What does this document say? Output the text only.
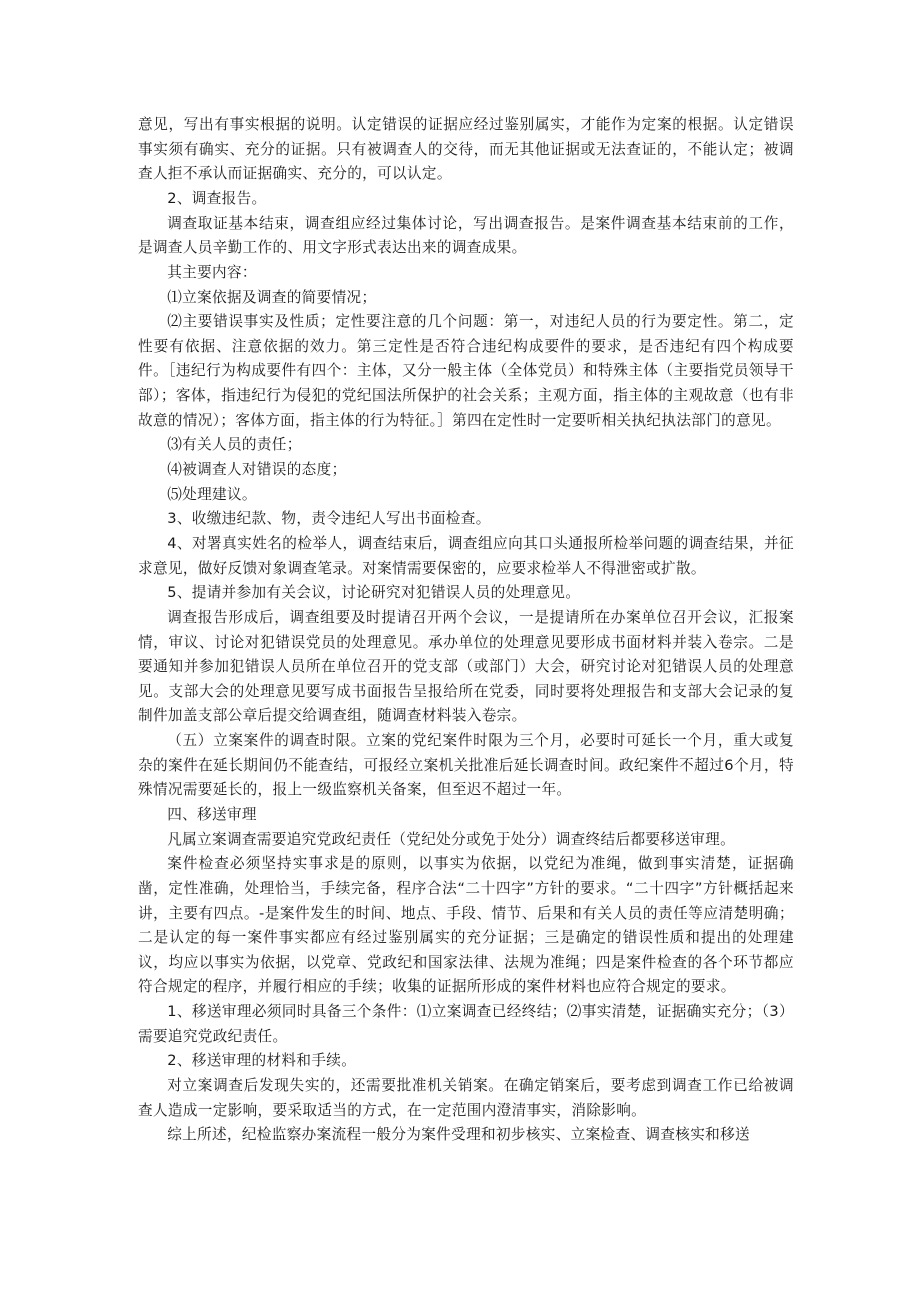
意见，写出有事实根据的说明。认定错误的证据应经过鉴别属实，才能作为定案的根据。认定错误事实须有确实、充分的证据。只有被调查人的交待，而无其他证据或无法查证的，不能认定；被调查人拒不承认而证据确实、充分的，可以认定。

2、调查报告。

调查取证基本结束，调查组应经过集体讨论，写出调查报告。是案件调查基本结束前的工作，是调查人员辛勤工作的、用文字形式表达出来的调查成果。

其主要内容：

⑴立案依据及调查的简要情况；

⑵主要错误事实及性质；定性要注意的几个问题：第一，对违纪人员的行为要定性。第二，定性要有依据、注意依据的效力。第三定性是否符合违纪构成要件的要求，是否违纪有四个构成要件。［违纪行为构成要件有四个：主体，又分一般主体（全体党员）和特殊主体（主要指党员领导干部）；客体，指违纪行为侵犯的党纪国法所保护的社会关系；主观方面，指主体的主观故意（也有非故意的情况）；客体方面，指主体的行为特征。］第四在定性时一定要听相关执纪执法部门的意见。

⑶有关人员的责任；

⑷被调查人对错误的态度；

⑸处理建议。

3、收缴违纪款、物，责令违纪人写出书面检查。

4、对署真实姓名的检举人，调查结束后，调查组应向其口头通报所检举问题的调查结果，并征求意见，做好反馈对象调查笔录。对案情需要保密的，应要求检举人不得泄密或扩散。

5、提请并参加有关会议，讨论研究对犯错误人员的处理意见。

调查报告形成后，调查组要及时提请召开两个会议，一是提请所在办案单位召开会议，汇报案情，审议、讨论对犯错误党员的处理意见。承办单位的处理意见要形成书面材料并装入卷宗。二是要通知并参加犯错误人员所在单位召开的党支部（或部门）大会，研究讨论对犯错误人员的处理意见。支部大会的处理意见要写成书面报告呈报给所在党委，同时要将处理报告和支部大会记录的复制件加盖支部公章后提交给调查组，随调查材料装入卷宗。

（五）立案案件的调查时限。立案的党纪案件时限为三个月，必要时可延长一个月，重大或复杂的案件在延长期间仍不能查结，可报经立案机关批准后延长调查时间。政纪案件不超过6个月，特殊情况需要延长的，报上一级监察机关备案，但至迟不超过一年。

四、移送审理

凡属立案调查需要追究党政纪责任（党纪处分或免于处分）调查终结后都要移送审理。

案件检查必须坚持实事求是的原则，以事实为依据，以党纪为准绳，做到事实清楚，证据确凿，定性准确，处理恰当，手续完备，程序合法“二十四字”方针的要求。“二十四字”方针概括起来讲，主要有四点。-是案件发生的时间、地点、手段、情节、后果和有关人员的责任等应清楚明确；二是认定的每一案件事实都应有经过鉴别属实的充分证据；三是确定的错误性质和提出的处理建议，均应以事实为依据，以党章、党政纪和国家法律、法规为准绳；四是案件检查的各个环节都应符合规定的程序，并履行相应的手续；收集的证据所形成的案件材料也应符合规定的要求。

1、移送审理必须同时具备三个条件：⑴立案调查已经终结；⑵事实清楚，证据确实充分；（3）需要追究党政纪责任。

2、移送审理的材料和手续。

对立案调查后发现失实的，还需要批准机关销案。在确定销案后，要考虑到调查工作已给被调查人造成一定影响，要采取适当的方式，在一定范围内澄清事实，消除影响。

综上所述，纪检监察办案流程一般分为案件受理和初步核实、立案检查、调查核实和移送
